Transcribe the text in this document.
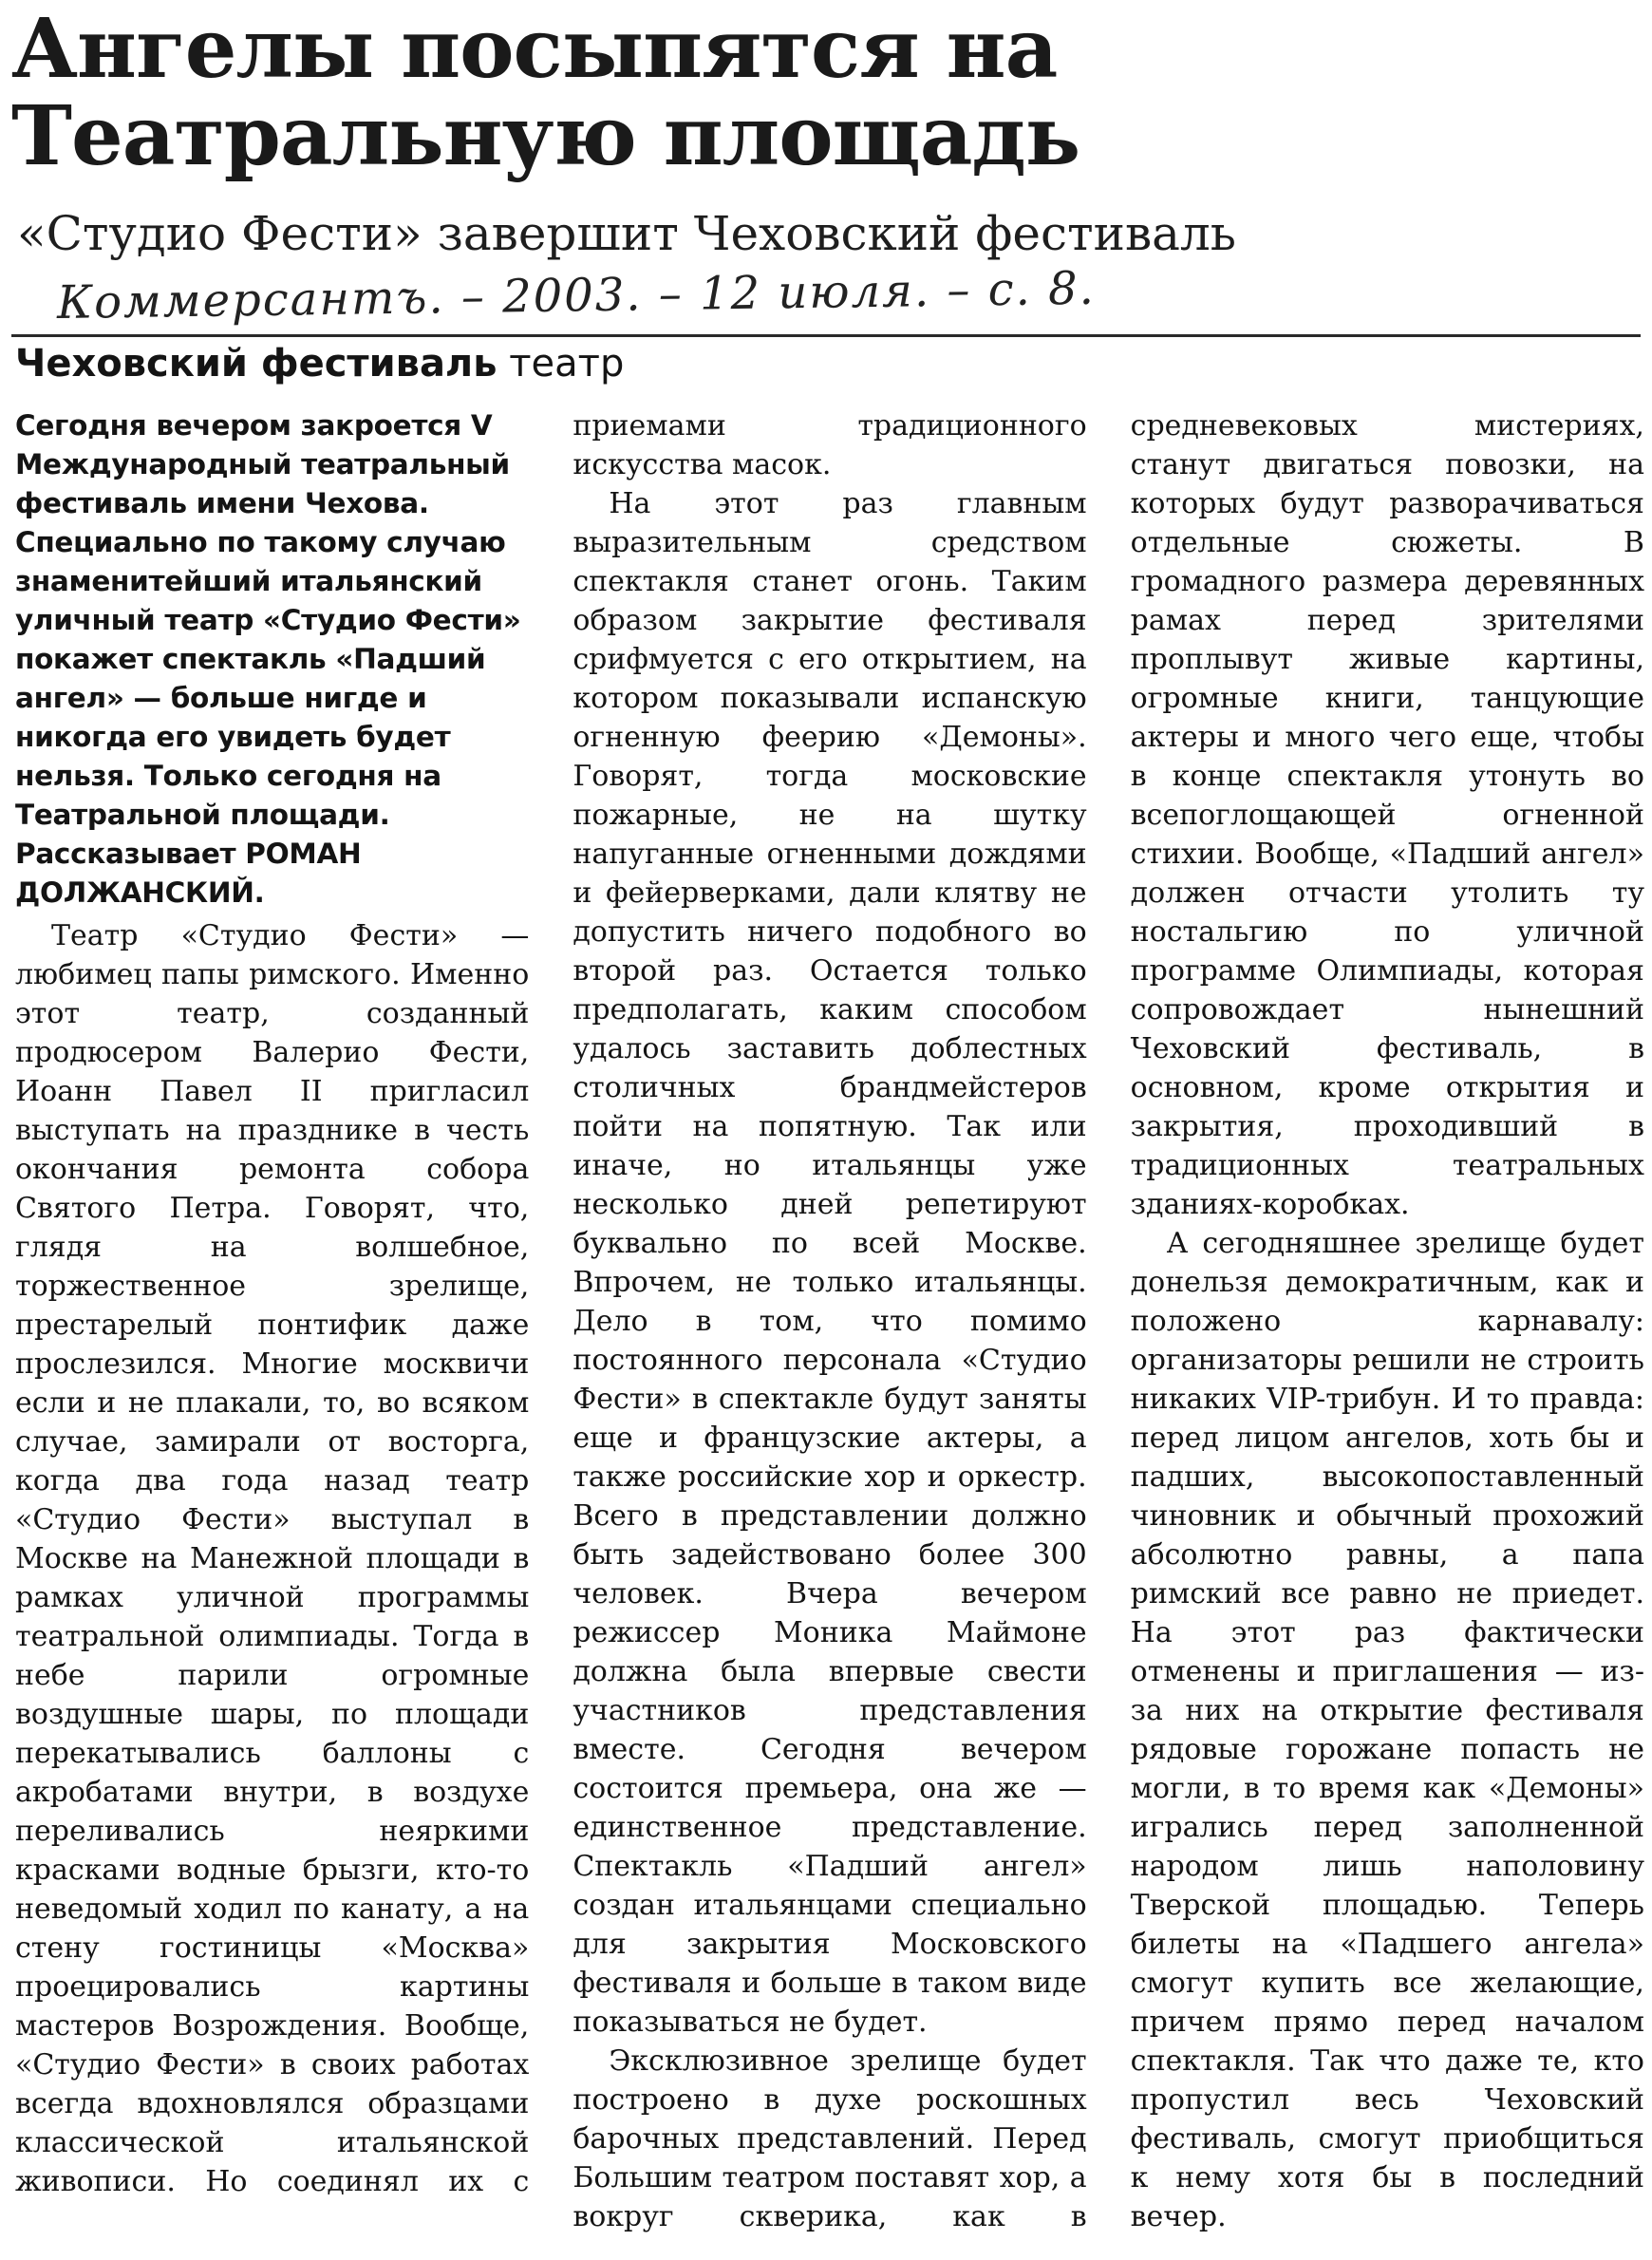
Ангелы посыпятся на Театральную площадь
«Студио Фести» завершит Чеховский фестиваль
Коммерсантъ. – 2003. – 12 июля. – с. 8.
Чеховский фестиваль театр

Сегодня вечером закроется V Международный театральный фестиваль имени Чехова. Специально по такому случаю знаменитейший итальянский уличный театр «Студио Фести» покажет спектакль «Падший ангел» — больше нигде и никогда его увидеть будет нельзя. Только сегодня на Театральной площади. Рассказывает РОМАН ДОЛЖАНСКИЙ.

Театр «Студио Фести» — любимец папы римского. Именно этот театр, созданный продюсером Валерио Фести, Иоанн Павел II пригласил выступать на празднике в честь окончания ремонта собора Святого Петра. Говорят, что, глядя на волшебное, торжественное зрелище, престарелый понтифик даже прослезился. Многие москвичи если и не плакали, то, во всяком случае, замирали от восторга, когда два года назад театр «Студио Фести» выступал в Москве на Манежной площади в рамках уличной программы театральной олимпиады. Тогда в небе парили огромные воздушные шары, по площади перекатывались баллоны с акробатами внутри, в воздухе переливались неяркими красками водные брызги, кто-то неведомый ходил по канату, а на стену гостиницы «Москва» проецировались картины мастеров Возрождения. Вообще, «Студио Фести» в своих работах всегда вдохновлялся образцами классической итальянской живописи. Но соединял их с приемами традиционного искусства масок.

На этот раз главным выразительным средством спектакля станет огонь. Таким образом закрытие фестиваля срифмуется с его открытием, на котором показывали испанскую огненную феерию «Демоны». Говорят, тогда московские пожарные, не на шутку напуганные огненными дождями и фейерверками, дали клятву не допустить ничего подобного во второй раз. Остается только предполагать, каким способом удалось заставить доблестных столичных брандмейстеров пойти на попятную. Так или иначе, но итальянцы уже несколько дней репетируют буквально по всей Москве. Впрочем, не только итальянцы. Дело в том, что помимо постоянного персонала «Студио Фести» в спектакле будут заняты еще и французские актеры, а также российские хор и оркестр. Всего в представлении должно быть задействовано более 300 человек. Вчера вечером режиссер Моника Маймоне должна была впервые свести участников представления вместе. Сегодня вечером состоится премьера, она же — единственное представление. Спектакль «Падший ангел» создан итальянцами специально для закрытия Московского фестиваля и больше в таком виде показываться не будет.

Эксклюзивное зрелище будет построено в духе роскошных барочных представлений. Перед Большим театром поставят хор, а вокруг скверика, как в средневековых мистериях, станут двигаться повозки, на которых будут разворачиваться отдельные сюжеты. В громадного размера деревянных рамах перед зрителями проплывут живые картины, огромные книги, танцующие актеры и много чего еще, чтобы в конце спектакля утонуть во всепоглощающей огненной стихии. Вообще, «Падший ангел» должен отчасти утолить ту ностальгию по уличной программе Олимпиады, которая сопровождает нынешний Чеховский фестиваль, в основном, кроме открытия и закрытия, проходивший в традиционных театральных зданиях-коробках.

А сегодняшнее зрелище будет донельзя демократичным, как и положено карнавалу: организаторы решили не строить никаких VIP-трибун. И то правда: перед лицом ангелов, хоть бы и падших, высокопоставленный чиновник и обычный прохожий абсолютно равны, а папа римский все равно не приедет. На этот раз фактически отменены и приглашения — из-за них на открытие фестиваля рядовые горожане попасть не могли, в то время как «Демоны» игрались перед заполненной народом лишь наполовину Тверской площадью. Теперь билеты на «Падшего ангела» смогут купить все желающие, причем прямо перед началом спектакля. Так что даже те, кто пропустил весь Чеховский фестиваль, смогут приобщиться к нему хотя бы в последний вечер.
